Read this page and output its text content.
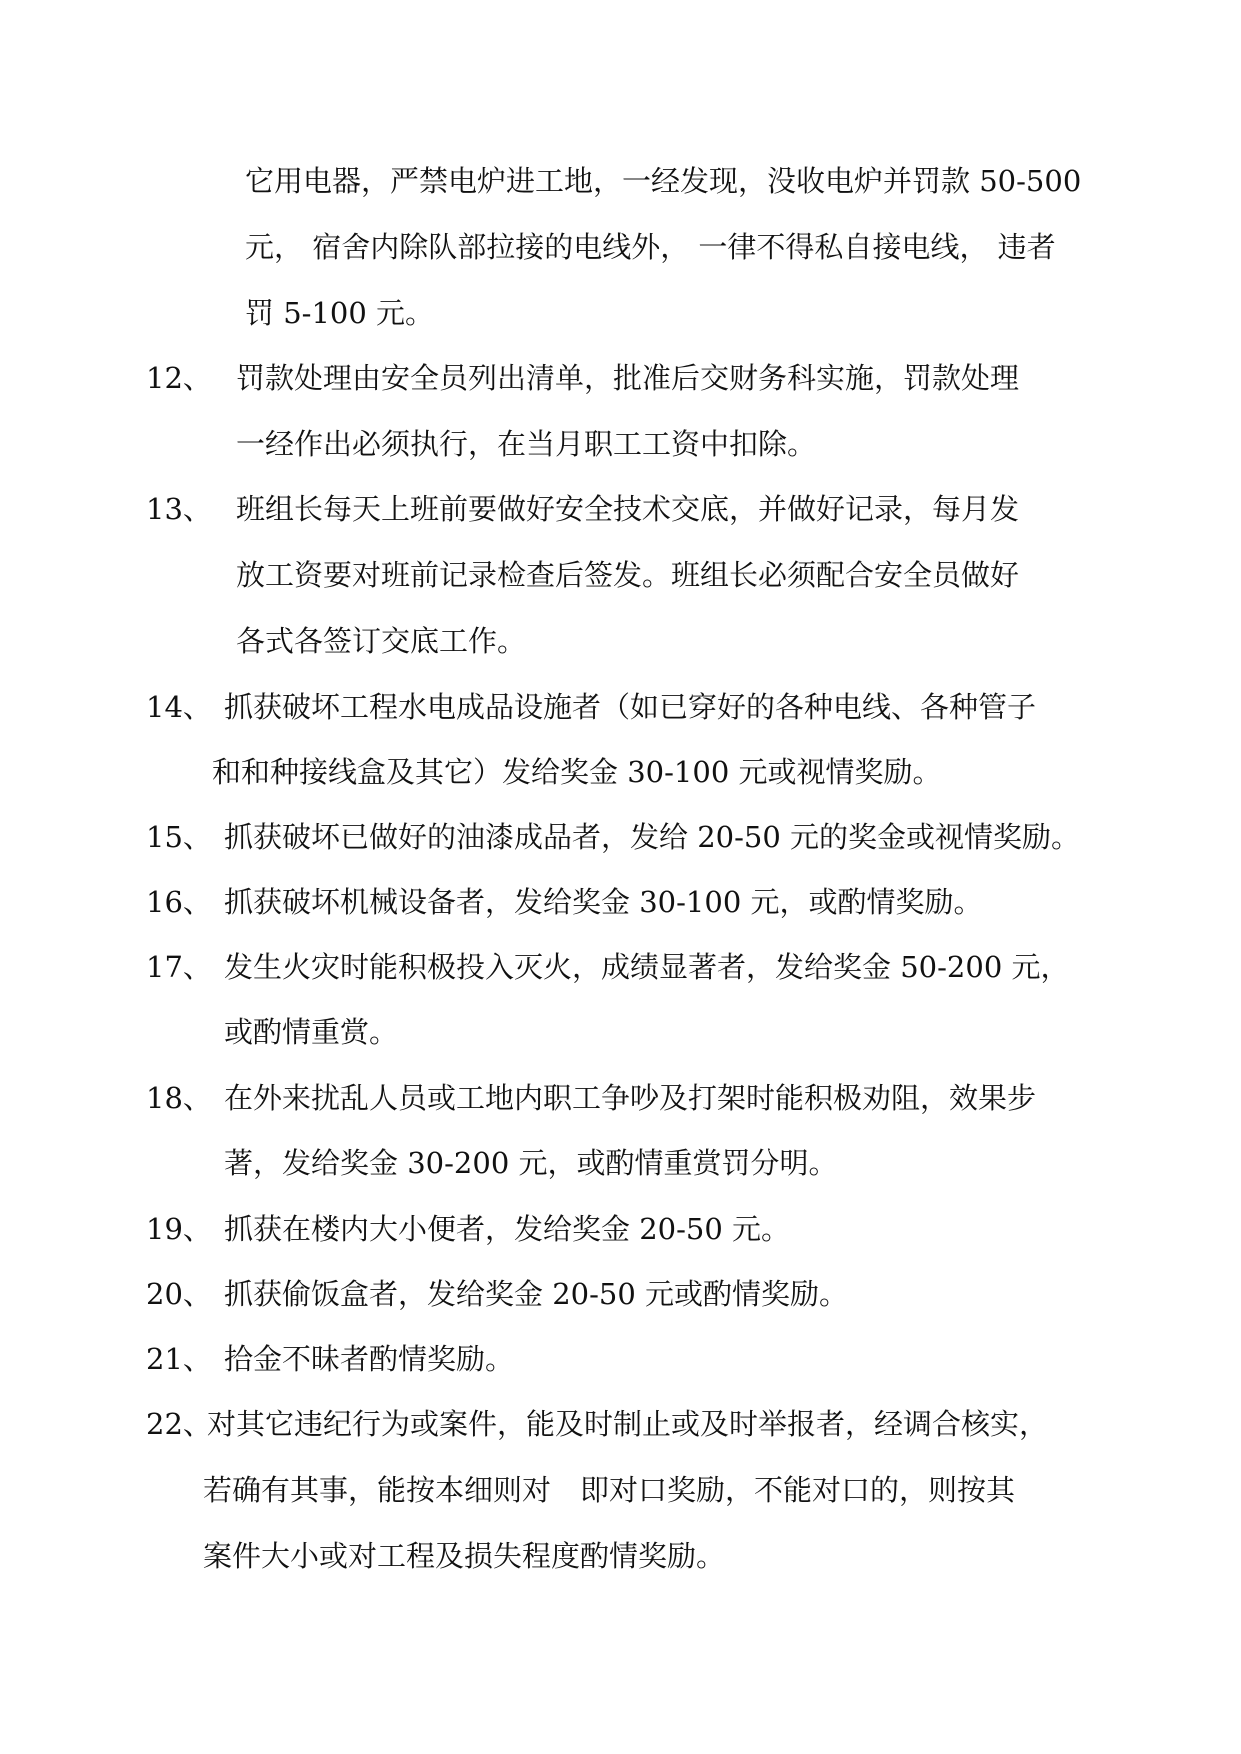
它用电器，严禁电炉进工地，一经发现，没收电炉并罚款 50-500
元， 宿舍内除队部拉接的电线外， 一律不得私自接电线， 违者
罚 5-100 元。
12、 罚款处理由安全员列出清单，批准后交财务科实施，罚款处理
一经作出必须执行，在当月职工工资中扣除。
13、 班组长每天上班前要做好安全技术交底，并做好记录，每月发
放工资要对班前记录检查后签发。班组长必须配合安全员做好
各式各签订交底工作。
14、 抓获破坏工程水电成品设施者（如已穿好的各种电线、各种管子
和和种接线盒及其它）发给奖金 30-100 元或视情奖励。
15、 抓获破坏已做好的油漆成品者，发给 20-50 元的奖金或视情奖励。
16、 抓获破坏机械设备者，发给奖金 30-100 元，或酌情奖励。
17、 发生火灾时能积极投入灭火，成绩显著者，发给奖金 50-200 元，
或酌情重赏。
18、 在外来扰乱人员或工地内职工争吵及打架时能积极劝阻，效果步
著，发给奖金 30-200 元，或酌情重赏罚分明。
19、 抓获在楼内大小便者，发给奖金 20-50 元。
20、 抓获偷饭盒者，发给奖金 20-50 元或酌情奖励。
21、 拾金不昧者酌情奖励。
22、
对其它违纪行为或案件，能及时制止或及时举报者，经调合核实，
若确有其事，能按本细则对　即对口奖励，不能对口的，则按其
案件大小或对工程及损失程度酌情奖励。
